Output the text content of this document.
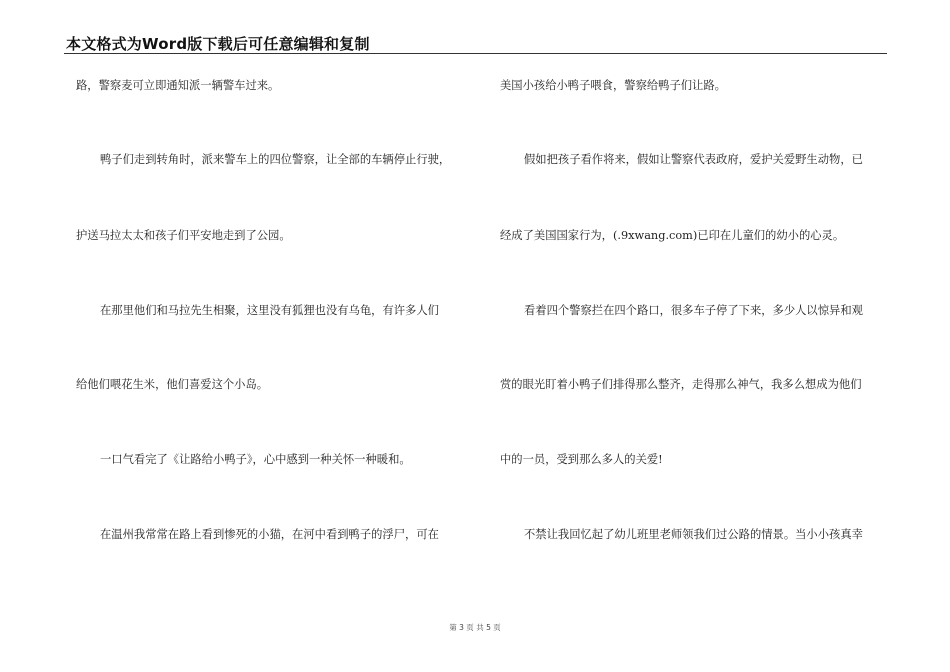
本文格式为Word版下载后可任意编辑和复制
路，警察麦可立即通知派一辆警车过来。
鸭子们走到转角时，派来警车上的四位警察，让全部的车辆停止行驶，
护送马拉太太和孩子们平安地走到了公园。
在那里他们和马拉先生相聚，这里没有狐狸也没有乌龟，有许多人们
给他们喂花生米，他们喜爱这个小岛。
一口气看完了《让路给小鸭子》，心中感到一种关怀一种暖和。
在温州我常常在路上看到惨死的小猫，在河中看到鸭子的浮尸，可在
美国小孩给小鸭子喂食，警察给鸭子们让路。
假如把孩子看作将来，假如让警察代表政府，爱护关爱野生动物，已
经成了美国国家行为，(.9xwang.com)已印在儿童们的幼小的心灵。
看着四个警察拦在四个路口，很多车子停了下来，多少人以惊异和观
赏的眼光盯着小鸭子们排得那么整齐，走得那么神气，我多么想成为他们
中的一员，受到那么多人的关爱!
不禁让我回忆起了幼儿班里老师领我们过公路的情景。当小小孩真幸
第 3 页 共 5 页
